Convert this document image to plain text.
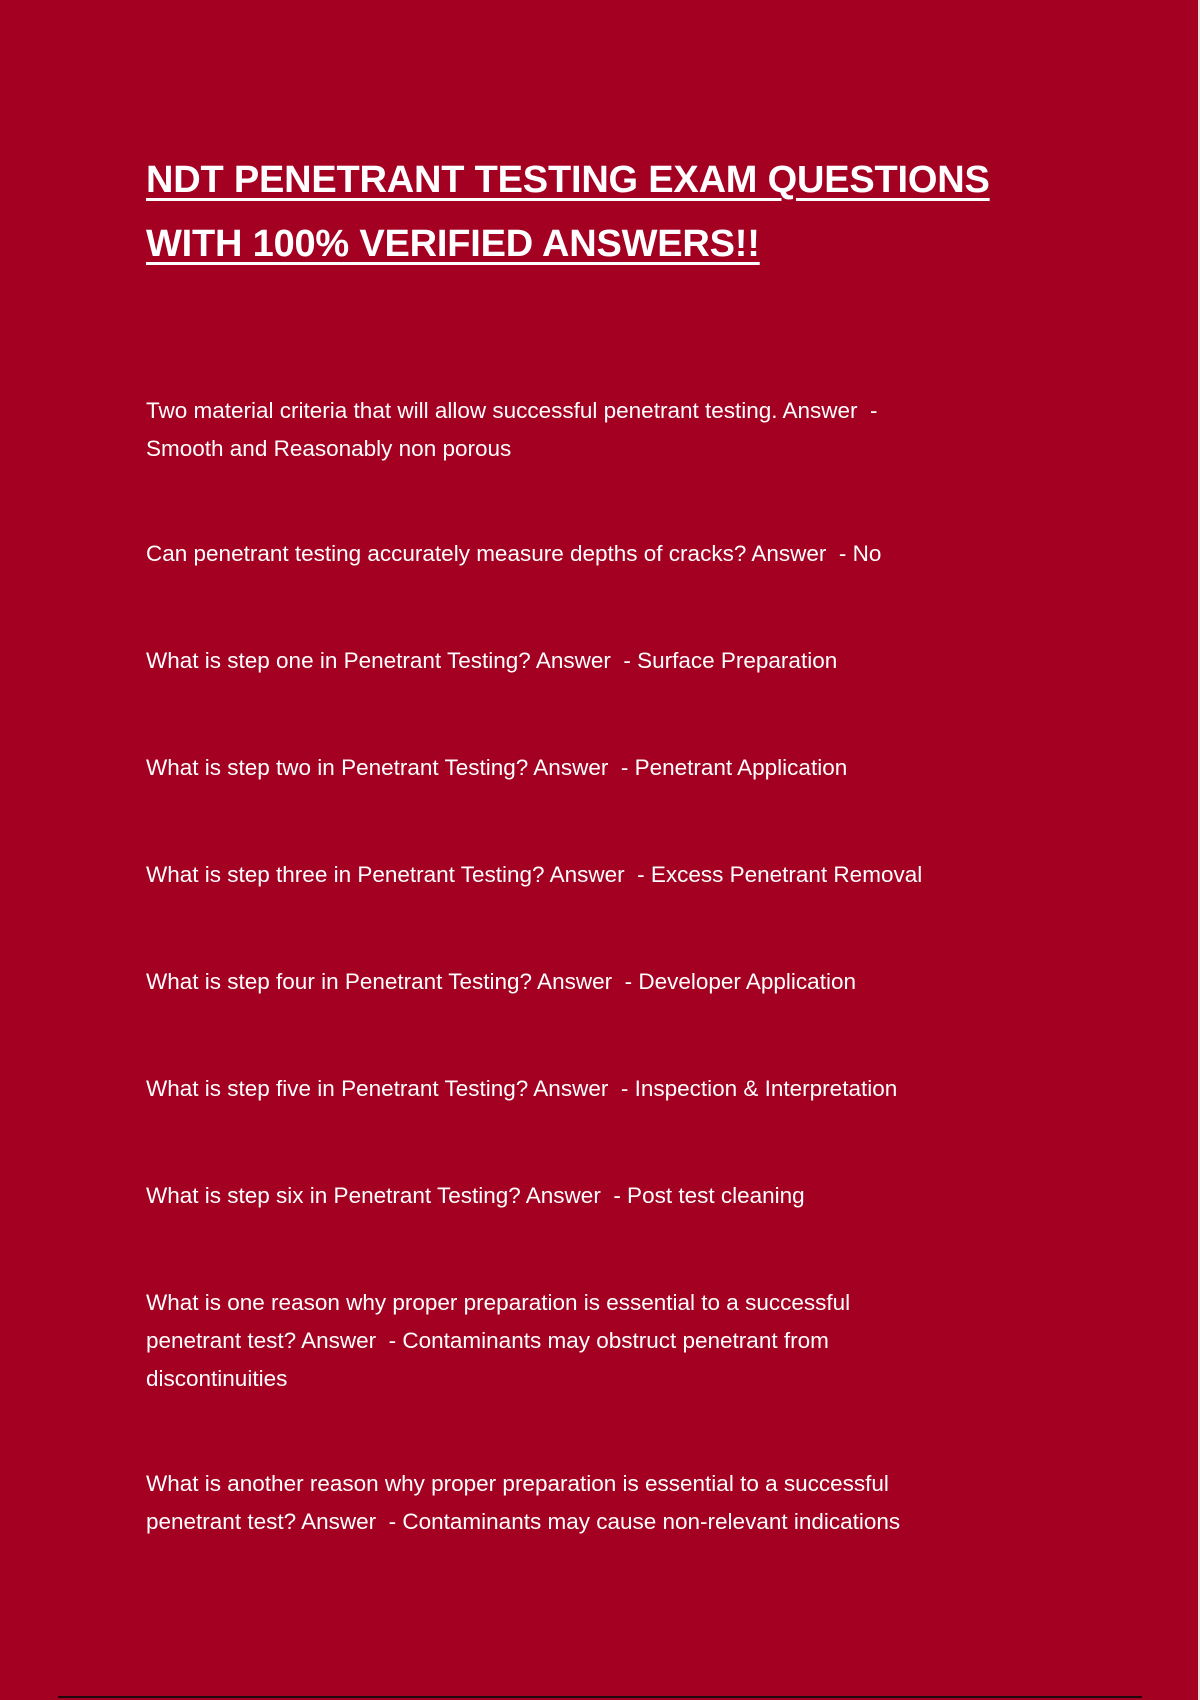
NDT PENETRANT TESTING EXAM QUESTIONS
WITH 100% VERIFIED ANSWERS!!

Two material criteria that will allow successful penetrant testing. Answer  -
Smooth and Reasonably non porous

Can penetrant testing accurately measure depths of cracks? Answer  - No

What is step one in Penetrant Testing? Answer  - Surface Preparation

What is step two in Penetrant Testing? Answer  - Penetrant Application

What is step three in Penetrant Testing? Answer  - Excess Penetrant Removal

What is step four in Penetrant Testing? Answer  - Developer Application

What is step five in Penetrant Testing? Answer  - Inspection & Interpretation

What is step six in Penetrant Testing? Answer  - Post test cleaning

What is one reason why proper preparation is essential to a successful
penetrant test? Answer  - Contaminants may obstruct penetrant from
discontinuities

What is another reason why proper preparation is essential to a successful
penetrant test? Answer  - Contaminants may cause non-relevant indications
